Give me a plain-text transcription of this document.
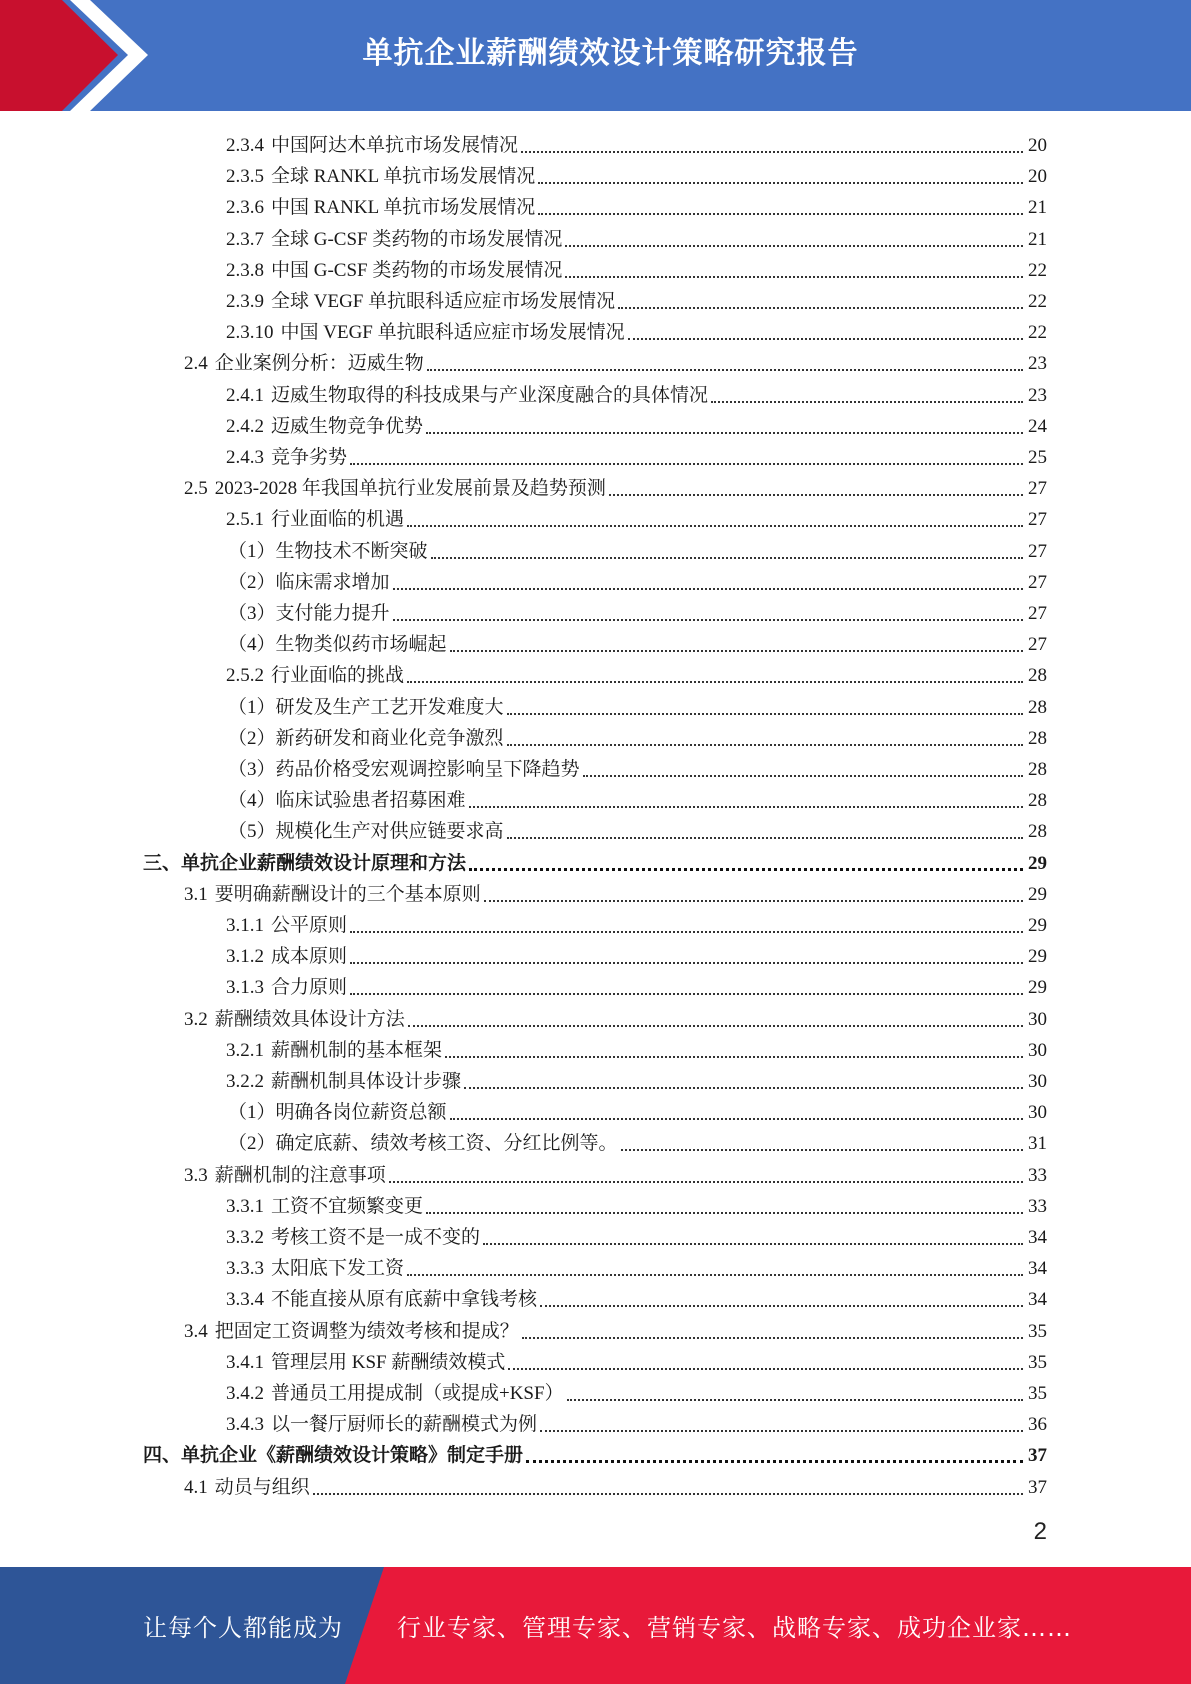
单抗企业薪酬绩效设计策略研究报告
2.3.4 中国阿达木单抗市场发展情况	20
2.3.5 全球 RANKL 单抗市场发展情况	20
2.3.6 中国 RANKL 单抗市场发展情况	21
2.3.7 全球 G-CSF 类药物的市场发展情况	21
2.3.8 中国 G-CSF 类药物的市场发展情况	22
2.3.9 全球 VEGF 单抗眼科适应症市场发展情况	22
2.3.10 中国 VEGF 单抗眼科适应症市场发展情况	22
2.4 企业案例分析：迈威生物	23
2.4.1 迈威生物取得的科技成果与产业深度融合的具体情况	23
2.4.2 迈威生物竞争优势	24
2.4.3 竞争劣势	25
2.5 2023-2028 年我国单抗行业发展前景及趋势预测	27
2.5.1 行业面临的机遇	27
（1） 生物技术不断突破	27
（2） 临床需求增加	27
（3） 支付能力提升	27
（4） 生物类似药市场崛起	27
2.5.2 行业面临的挑战	28
（1） 研发及生产工艺开发难度大	28
（2） 新药研发和商业化竞争激烈	28
（3） 药品价格受宏观调控影响呈下降趋势	28
（4） 临床试验患者招募困难	28
（5） 规模化生产对供应链要求高	28
三、 单抗企业薪酬绩效设计原理和方法	29
3.1 要明确薪酬设计的三个基本原则	29
3.1.1 公平原则	29
3.1.2 成本原则	29
3.1.3 合力原则	29
3.2 薪酬绩效具体设计方法	30
3.2.1 薪酬机制的基本框架	30
3.2.2 薪酬机制具体设计步骤	30
（1） 明确各岗位薪资总额	30
（2） 确定底薪、绩效考核工资、分红比例等。	31
3.3 薪酬机制的注意事项	33
3.3.1 工资不宜频繁变更	33
3.3.2 考核工资不是一成不变的	34
3.3.3 太阳底下发工资	34
3.3.4 不能直接从原有底薪中拿钱考核	34
3.4 把固定工资调整为绩效考核和提成？	35
3.4.1 管理层用 KSF 薪酬绩效模式	35
3.4.2 普通员工用提成制（或提成+KSF）	35
3.4.3 以一餐厅厨师长的薪酬模式为例	36
四、 单抗企业《薪酬绩效设计策略》制定手册	37
4.1 动员与组织	37
2
让每个人都能成为 行业专家、管理专家、营销专家、战略专家、成功企业家……
